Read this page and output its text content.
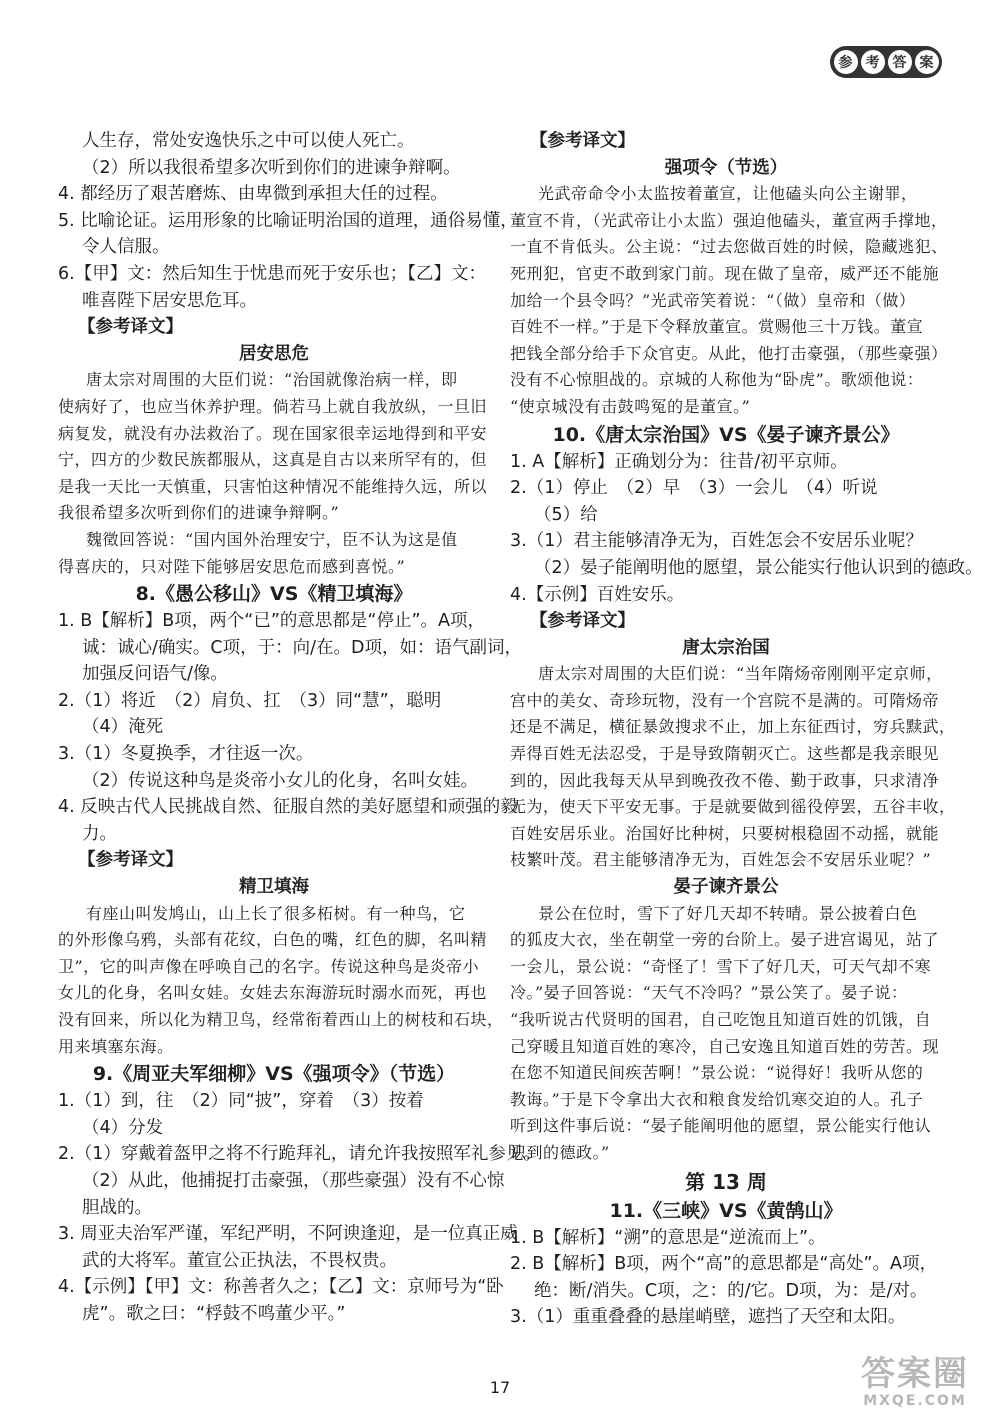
参 考 答 案
人生存，常处安逸快乐之中可以使人死亡。
（2）所以我很希望多次听到你们的进谏争辩啊。
4. 都经历了艰苦磨炼、由卑微到承担大任的过程。
5. 比喻论证。运用形象的比喻证明治国的道理，通俗易懂，
令人信服。
6.【甲】文：然后知生于忧患而死于安乐也；【乙】文：
唯喜陛下居安思危耳。
【参考译文】
居安思危
唐太宗对周围的大臣们说：“治国就像治病一样，即
使病好了，也应当休养护理。倘若马上就自我放纵，一旦旧
病复发，就没有办法救治了。现在国家很幸运地得到和平安
宁，四方的少数民族都服从，这真是自古以来所罕有的，但
是我一天比一天慎重，只害怕这种情况不能维持久远，所以
我很希望多次听到你们的进谏争辩啊。”
魏徵回答说：“国内国外治理安宁，臣不认为这是值
得喜庆的，只对陛下能够居安思危而感到喜悦。”
8.《愚公移山》VS《精卫填海》
1. B【解析】B项，两个“已”的意思都是“停止”。A项，
诚：诚心/确实。C项，于：向/在。D项，如：语气副词，
加强反问语气/像。
2.（1）将近　（2）肩负、扛　（3）同“慧”，聪明
（4）淹死
3.（1）冬夏换季，才往返一次。
（2）传说这种鸟是炎帝小女儿的化身，名叫女娃。
4. 反映古代人民挑战自然、征服自然的美好愿望和顽强的毅
力。
【参考译文】
精卫填海
有座山叫发鸠山，山上长了很多柘树。有一种鸟，它
的外形像乌鸦，头部有花纹，白色的嘴，红色的脚，名叫精
卫”，它的叫声像在呼唤自己的名字。传说这种鸟是炎帝小
女儿的化身，名叫女娃。女娃去东海游玩时溺水而死，再也
没有回来，所以化为精卫鸟，经常衔着西山上的树枝和石块，
用来填塞东海。
9.《周亚夫军细柳》VS《强项令》（节选）
1.（1）到，往　（2）同“披”，穿着　（3）按着
（4）分发
2.（1）穿戴着盔甲之将不行跪拜礼，请允许我按照军礼参见。
（2）从此，他捕捉打击豪强，（那些豪强）没有不心惊
胆战的。
3. 周亚夫治军严谨，军纪严明，不阿谀逢迎，是一位真正威
武的大将军。董宣公正执法，不畏权贵。
4.【示例】【甲】文：称善者久之；【乙】文：京师号为“卧
虎”。歌之曰：“桴鼓不鸣董少平。”
【参考译文】
强项令（节选）
光武帝命令小太监按着董宣，让他磕头向公主谢罪，
董宣不肯，（光武帝让小太监）强迫他磕头，董宣两手撑地，
一直不肯低头。公主说：“过去您做百姓的时候，隐藏逃犯、
死刑犯，官吏不敢到家门前。现在做了皇帝，威严还不能施
加给一个县令吗？”光武帝笑着说：“（做）皇帝和（做）
百姓不一样。”于是下令释放董宣。赏赐他三十万钱。董宣
把钱全部分给手下众官吏。从此，他打击豪强，（那些豪强）
没有不心惊胆战的。京城的人称他为“卧虎”。歌颂他说：
“使京城没有击鼓鸣冤的是董宣。”
10.《唐太宗治国》VS《晏子谏齐景公》
1. A【解析】正确划分为：往昔/初平京师。
2.（1）停止　（2）早　（3）一会儿　（4）听说
（5）给
3.（1）君主能够清净无为，百姓怎会不安居乐业呢？
（2）晏子能阐明他的愿望，景公能实行他认识到的德政。
4.【示例】百姓安乐。
【参考译文】
唐太宗治国
唐太宗对周围的大臣们说：“当年隋炀帝刚刚平定京师，
宫中的美女、奇珍玩物，没有一个宫院不是满的。可隋炀帝
还是不满足，横征暴敛搜求不止，加上东征西讨，穷兵黩武，
弄得百姓无法忍受，于是导致隋朝灭亡。这些都是我亲眼见
到的，因此我每天从早到晚孜孜不倦、勤于政事，只求清净
无为，使天下平安无事。于是就要做到徭役停罢，五谷丰收，
百姓安居乐业。治国好比种树，只要树根稳固不动摇，就能
枝繁叶茂。君主能够清净无为，百姓怎会不安居乐业呢？”
晏子谏齐景公
景公在位时，雪下了好几天却不转晴。景公披着白色
的狐皮大衣，坐在朝堂一旁的台阶上。晏子进宫谒见，站了
一会儿，景公说：“奇怪了！雪下了好几天，可天气却不寒
冷。”晏子回答说：“天气不冷吗？”景公笑了。晏子说：
“我听说古代贤明的国君，自己吃饱且知道百姓的饥饿，自
己穿暖且知道百姓的寒冷，自己安逸且知道百姓的劳苦。现
在您不知道民间疾苦啊！”景公说：“说得好！我听从您的
教诲。”于是下令拿出大衣和粮食发给饥寒交迫的人。孔子
听到这件事后说：“晏子能阐明他的愿望，景公能实行他认
识到的德政。”
第 13 周
11.《三峡》VS《黄鹄山》
1. B【解析】“溯”的意思是“逆流而上”。
2. B【解析】B项，两个“高”的意思都是“高处”。A项，
绝：断/消失。C项，之：的/它。D项，为：是/对。
3.（1）重重叠叠的悬崖峭壁，遮挡了天空和太阳。
17	答案圈
MXQE.COM
